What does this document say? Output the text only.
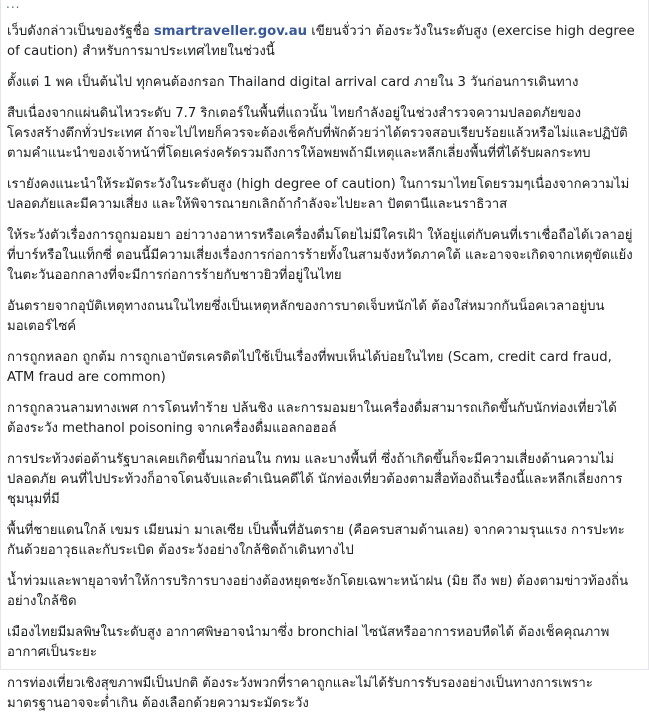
...

เว็บดังกล่าวเป็นของรัฐชื่อ smartraveller.gov.au เขียนจั่วว่า ต้องระวังในระดับสูง (exercise high degree of caution) สำหรับการมาประเทศไทยในช่วงนี้

ตั้งแต่ 1 พค เป็นต้นไป ทุกคนต้องกรอก Thailand digital arrival card ภายใน 3 วันก่อนการเดินทาง

สืบเนื่องจากแผ่นดินไหวระดับ 7.7 ริกเตอร์ในพื้นที่แถวนั้น ไทยกำลังอยู่ในช่วงสำรวจความปลอดภัยของโครงสร้างตึกทั่วประเทศ ถ้าจะไปไทยก็ควรจะต้องเช็คกับที่พักด้วยว่าได้ตรวจสอบเรียบร้อยแล้วหรือไม่และปฏิบัติตามคำแนะนำของเจ้าหน้าที่โดยเคร่งครัดรวมถึงการให้อพยพถ้ามีเหตุและหลีกเลี่ยงพื้นที่ที่ได้รับผลกระทบ

เรายังคงแนะนำให้ระมัดระวังในระดับสูง (high degree of caution) ในการมาไทยโดยรวมๆเนื่องจากความไม่ปลอดภัยและมีความเสี่ยง และให้พิจารณายกเลิกถ้ากำลังจะไปยะลา ปัตตานีและนราธิวาส

ให้ระวังตัวเรื่องการถูกมอมยา อย่าวางอาหารหรือเครื่องดื่มโดยไม่มีใครเฝ้า ให้อยู่แต่กับคนที่เราเชื่อถือได้เวลาอยู่ที่บาร์หรือในแท็กซี่ ตอนนี้มีความเสี่ยงเรื่องการก่อการร้ายทั้งในสามจังหวัดภาคใต้ และอาจจะเกิดจากเหตุขัดแย้งในตะวันออกกลางที่จะมีการก่อการร้ายกับชาวยิวที่อยู่ในไทย

อันตรายจากอุบัติเหตุทางถนนในไทยซึ่งเป็นเหตุหลักของการบาดเจ็บหนักได้ ต้องใส่หมวกกันน็อคเวลาอยู่บนมอเตอร์ไซค์

การถูกหลอก ถูกต้ม การถูกเอาบัตรเครดิตไปใช้เป็นเรื่องที่พบเห็นได้บ่อยในไทย (Scam, credit card fraud, ATM fraud are common)

การถูกลวนลามทางเพศ การโดนทำร้าย ปล้นชิง และการมอมยาในเครื่องดื่มสามารถเกิดขึ้นกับนักท่องเที่ยวได้ ต้องระวัง methanol poisoning จากเครื่องดื่มแอลกอฮอล์

การประท้วงต่อต้านรัฐบาลเคยเกิดขึ้นมาก่อนใน กทม และบางพื้นที่ ซึ่งถ้าเกิดขึ้นก็จะมีความเสี่ยงด้านความไม่ปลอดภัย คนที่ไปประท้วงก็อาจโดนจับและดำเนินคดีได้ นักท่องเที่ยวต้องตามสื่อท้องถิ่นเรื่องนี้และหลีกเลี่ยงการชุมนุมที่มี

พื้นที่ชายแดนใกล้ เขมร เมียนม่า มาเลเซีย เป็นพื้นที่อันตราย (คือครบสามด้านเลย) จากความรุนแรง การปะทะกันด้วยอาวุธและกับระเบิด ต้องระวังอย่างใกล้ชิดถ้าเดินทางไป

น้ำท่วมและพายุอาจทำให้การบริการบางอย่างต้องหยุดชะงักโดยเฉพาะหน้าฝน (มิย ถึง พย) ต้องตามข่าวท้องถิ่นอย่างใกล้ชิด

เมืองไทยมีมลพิษในระดับสูง อากาศพิษอาจนำมาซึ่ง bronchial ไซนัสหรืออาการหอบหืดได้ ต้องเช็คคุณภาพอากาศเป็นระยะ

การท่องเที่ยวเชิงสุขภาพมีเป็นปกติ ต้องระวังพวกที่ราคาถูกและไม่ได้รับการรับรองอย่างเป็นทางการเพราะมาตรฐานอาจจะต่ำเกิน ต้องเลือกด้วยความระมัดระวัง
